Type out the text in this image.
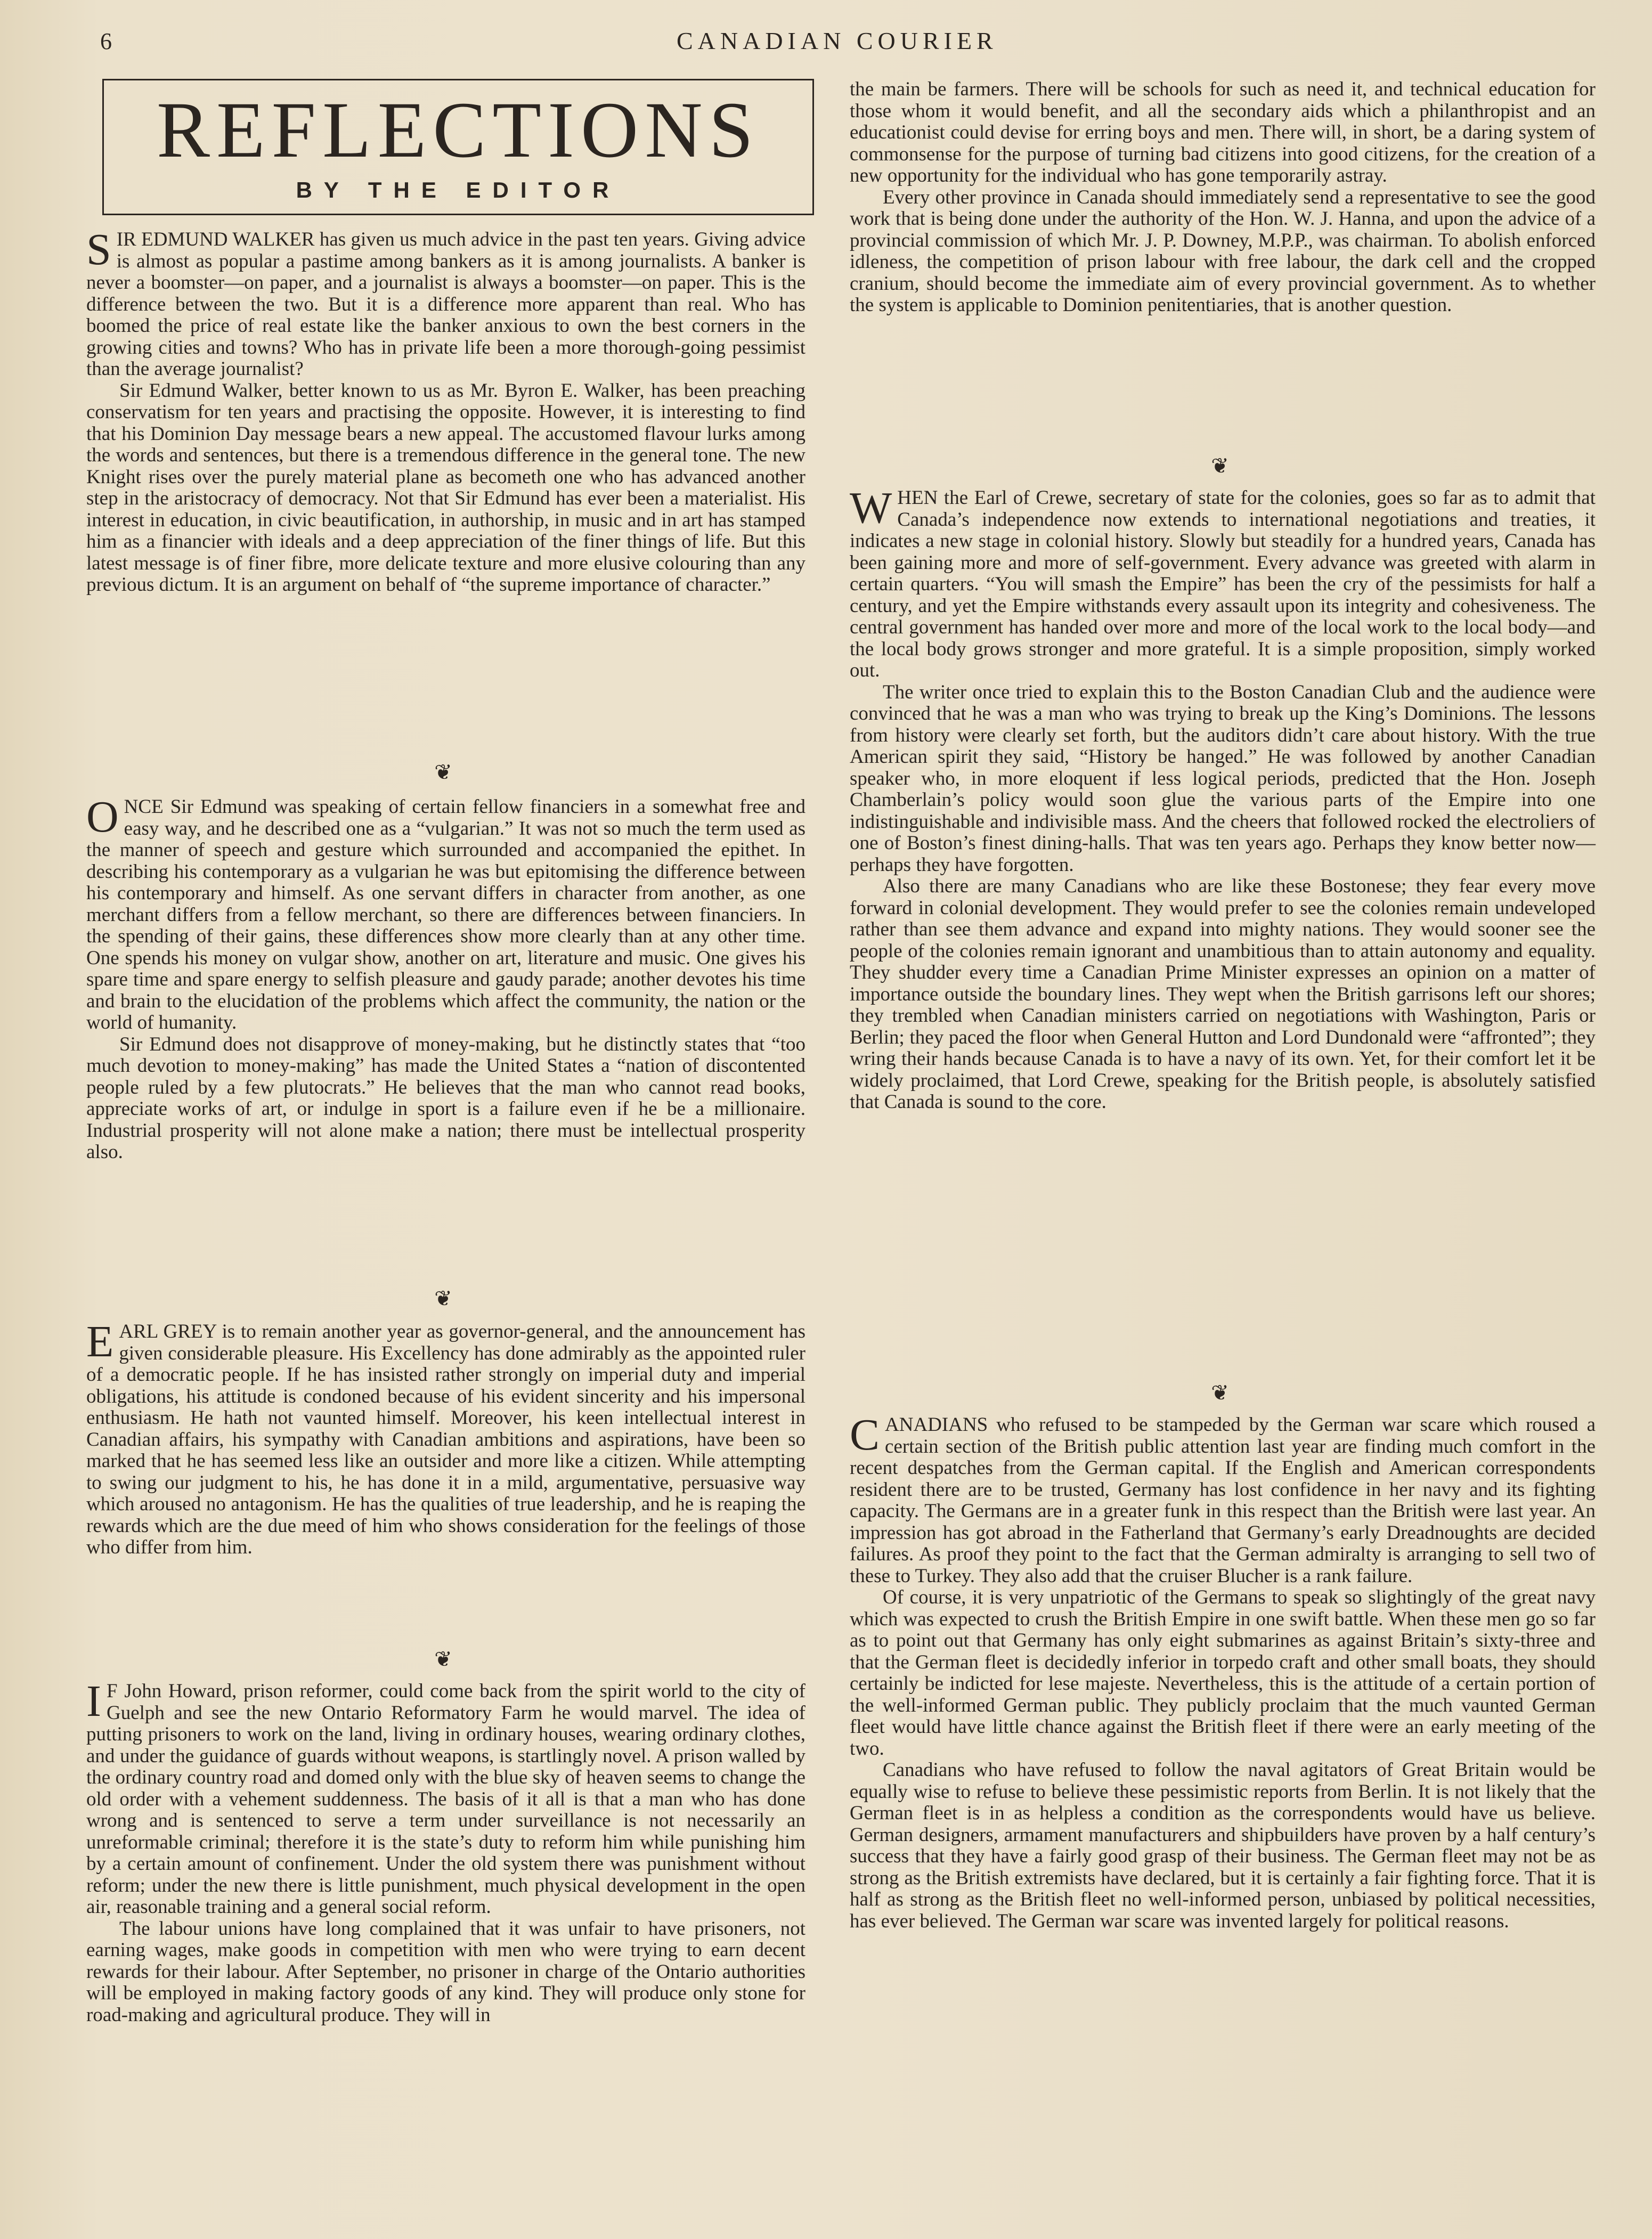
6	CANADIAN COURIER
REFLECTIONS
BY THE EDITOR

SIR EDMUND WALKER has given us much advice in the past ten years. Giving advice is almost as popular a pastime among bankers as it is among journalists. A banker is never a boomster—on paper, and a journalist is always a boomster—on paper. This is the difference between the two. But it is a difference more apparent than real. Who has boomed the price of real estate like the banker anxious to own the best corners in the growing cities and towns? Who has in private life been a more thorough-going pessimist than the average journalist?

Sir Edmund Walker, better known to us as Mr. Byron E. Walker, has been preaching conservatism for ten years and practising the opposite. However, it is interesting to find that his Dominion Day message bears a new appeal. The accustomed flavour lurks among the words and sentences, but there is a tremendous difference in the general tone. The new Knight rises over the purely material plane as becometh one who has advanced another step in the aristocracy of democracy. Not that Sir Edmund has ever been a materialist. His interest in education, in civic beautification, in authorship, in music and in art has stamped him as a financier with ideals and a deep appreciation of the finer things of life. But this latest message is of finer fibre, more delicate texture and more elusive colouring than any previous dictum. It is an argument on behalf of “the supreme importance of character.”

❦

ONCE Sir Edmund was speaking of certain fellow financiers in a somewhat free and easy way, and he described one as a “vulgarian.” It was not so much the term used as the manner of speech and gesture which surrounded and accompanied the epithet. In describing his contemporary as a vulgarian he was but epitomising the difference between his contemporary and himself. As one servant differs in character from another, as one merchant differs from a fellow merchant, so there are differences between financiers. In the spending of their gains, these differences show more clearly than at any other time. One spends his money on vulgar show, another on art, literature and music. One gives his spare time and spare energy to selfish pleasure and gaudy parade; another devotes his time and brain to the elucidation of the problems which affect the community, the nation or the world of humanity.

Sir Edmund does not disapprove of money-making, but he distinctly states that “too much devotion to money-making” has made the United States a “nation of discontented people ruled by a few plutocrats.” He believes that the man who cannot read books, appreciate works of art, or indulge in sport is a failure even if he be a millionaire. Industrial prosperity will not alone make a nation; there must be intellectual prosperity also.

❦

EARL GREY is to remain another year as governor-general, and the announcement has given considerable pleasure. His Excellency has done admirably as the appointed ruler of a democratic people. If he has insisted rather strongly on imperial duty and imperial obligations, his attitude is condoned because of his evident sincerity and his impersonal enthusiasm. He hath not vaunted himself. Moreover, his keen intellectual interest in Canadian affairs, his sympathy with Canadian ambitions and aspirations, have been so marked that he has seemed less like an outsider and more like a citizen. While attempting to swing our judgment to his, he has done it in a mild, argumentative, persuasive way which aroused no antagonism. He has the qualities of true leadership, and he is reaping the rewards which are the due meed of him who shows consideration for the feelings of those who differ from him.

❦

I F John Howard, prison reformer, could come back from the spirit world to the city of Guelph and see the new Ontario Reformatory Farm he would marvel. The idea of putting prisoners to work on the land, living in ordinary houses, wearing ordinary clothes, and under the guidance of guards without weapons, is startlingly novel. A prison walled by the ordinary country road and domed only with the blue sky of heaven seems to change the old order with a vehement suddenness. The basis of it all is that a man who has done wrong and is sentenced to serve a term under surveillance is not necessarily an unreformable criminal; therefore it is the state’s duty to reform him while punishing him by a certain amount of confinement. Under the old system there was punishment without reform; under the new there is little punishment, much physical development in the open air, reasonable training and a general social reform.

The labour unions have long complained that it was unfair to have prisoners, not earning wages, make goods in competition with men who were trying to earn decent rewards for their labour. After September, no prisoner in charge of the Ontario authorities will be employed in making factory goods of any kind. They will produce only stone for road-making and agricultural produce. They will in

the main be farmers. There will be schools for such as need it, and technical education for those whom it would benefit, and all the secondary aids which a philanthropist and an educationist could devise for erring boys and men. There will, in short, be a daring system of commonsense for the purpose of turning bad citizens into good citizens, for the creation of a new opportunity for the individual who has gone temporarily astray.

Every other province in Canada should immediately send a representative to see the good work that is being done under the authority of the Hon. W. J. Hanna, and upon the advice of a provincial commission of which Mr. J. P. Downey, M.P.P., was chairman. To abolish enforced idleness, the competition of prison labour with free labour, the dark cell and the cropped cranium, should become the immediate aim of every provincial government. As to whether the system is applicable to Dominion penitentiaries, that is another question.

❦

WHEN the Earl of Crewe, secretary of state for the colonies, goes so far as to admit that Canada’s independence now extends to international negotiations and treaties, it indicates a new stage in colonial history. Slowly but steadily for a hundred years, Canada has been gaining more and more of self-government. Every advance was greeted with alarm in certain quarters. “You will smash the Empire” has been the cry of the pessimists for half a century, and yet the Empire withstands every assault upon its integrity and cohesiveness. The central government has handed over more and more of the local work to the local body—and the local body grows stronger and more grateful. It is a simple proposition, simply worked out.

The writer once tried to explain this to the Boston Canadian Club and the audience were convinced that he was a man who was trying to break up the King’s Dominions. The lessons from history were clearly set forth, but the auditors didn’t care about history. With the true American spirit they said, “History be hanged.” He was followed by another Canadian speaker who, in more eloquent if less logical periods, predicted that the Hon. Joseph Chamberlain’s policy would soon glue the various parts of the Empire into one indistinguishable and indivisible mass. And the cheers that followed rocked the electroliers of one of Boston’s finest dining-halls. That was ten years ago. Perhaps they know better now—perhaps they have forgotten.

Also there are many Canadians who are like these Bostonese; they fear every move forward in colonial development. They would prefer to see the colonies remain undeveloped rather than see them advance and expand into mighty nations. They would sooner see the people of the colonies remain ignorant and unambitious than to attain autonomy and equality. They shudder every time a Canadian Prime Minister expresses an opinion on a matter of importance outside the boundary lines. They wept when the British garrisons left our shores; they trembled when Canadian ministers carried on negotiations with Washington, Paris or Berlin; they paced the floor when General Hutton and Lord Dundonald were “affronted”; they wring their hands because Canada is to have a navy of its own. Yet, for their comfort let it be widely proclaimed, that Lord Crewe, speaking for the British people, is absolutely satisfied that Canada is sound to the core.

❦

CANADIANS who refused to be stampeded by the German war scare which roused a certain section of the British public attention last year are finding much comfort in the recent despatches from the German capital. If the English and American correspondents resident there are to be trusted, Germany has lost confidence in her navy and its fighting capacity. The Germans are in a greater funk in this respect than the British were last year. An impression has got abroad in the Fatherland that Germany’s early Dreadnoughts are decided failures. As proof they point to the fact that the German admiralty is arranging to sell two of these to Turkey. They also add that the cruiser Blucher is a rank failure.

Of course, it is very unpatriotic of the Germans to speak so slightingly of the great navy which was expected to crush the British Empire in one swift battle. When these men go so far as to point out that Germany has only eight submarines as against Britain’s sixty-three and that the German fleet is decidedly inferior in torpedo craft and other small boats, they should certainly be indicted for lese majeste. Nevertheless, this is the attitude of a certain portion of the well-informed German public. They publicly proclaim that the much vaunted German fleet would have little chance against the British fleet if there were an early meeting of the two.

Canadians who have refused to follow the naval agitators of Great Britain would be equally wise to refuse to believe these pessimistic reports from Berlin. It is not likely that the German fleet is in as helpless a condition as the correspondents would have us believe. German designers, armament manufacturers and shipbuilders have proven by a half century’s success that they have a fairly good grasp of their business. The German fleet may not be as strong as the British extremists have declared, but it is certainly a fair fighting force. That it is half as strong as the British fleet no well-informed person, unbiased by political necessities, has ever believed. The German war scare was invented largely for political reasons.
